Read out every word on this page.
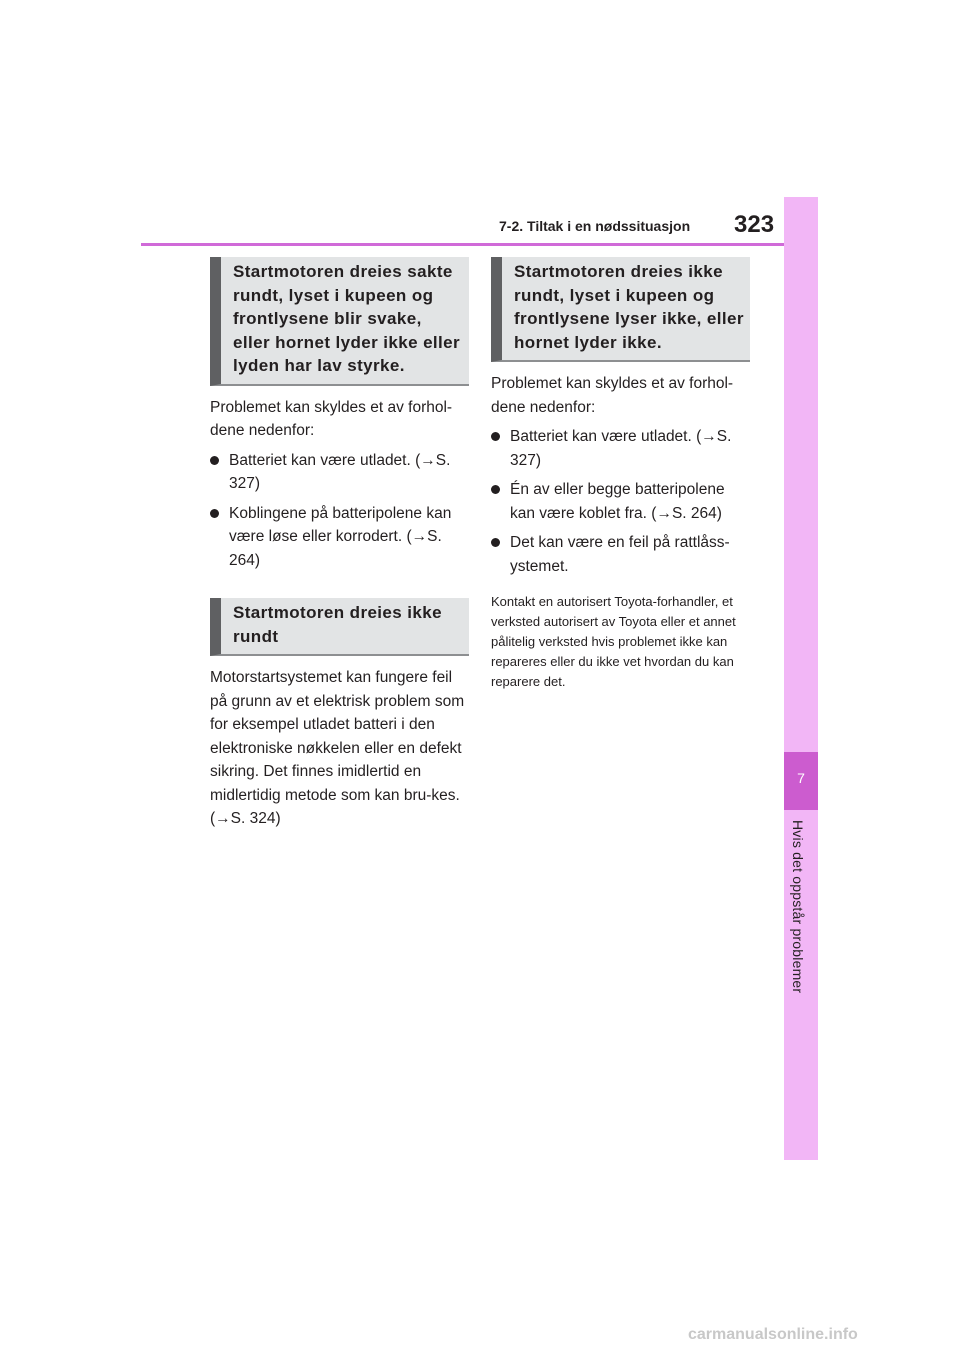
7-2. Tiltak i en nødssituasjon 323
7
Hvis det oppstår problemer
Startmotoren dreies sakte rundt, lyset i kupeen og frontlysene blir svake, eller hornet lyder ikke eller lyden har lav styrke.

Problemet kan skyldes et av forhol-dene nedenfor:

Batteriet kan være utladet. (→S. 327)
Koblingene på batteripolene kan være løse eller korrodert. (→S. 264)
Startmotoren dreies ikke rundt

Motorstartsystemet kan fungere feil på grunn av et elektrisk problem som for eksempel utladet batteri i den elektroniske nøkkelen eller en defekt sikring. Det finnes imidlertid en midlertidig metode som kan bru-kes. (→S. 324)

Startmotoren dreies ikke rundt, lyset i kupeen og frontlysene lyser ikke, eller hornet lyder ikke.

Problemet kan skyldes et av forhol-dene nedenfor:

Batteriet kan være utladet. (→S. 327)
Én av eller begge batteripolene kan være koblet fra. (→S. 264)
Det kan være en feil på rattlåss-ystemet.

Kontakt en autorisert Toyota-forhandler, et verksted autorisert av Toyota eller et annet pålitelig verksted hvis problemet ikke kan repareres eller du ikke vet hvordan du kan reparere det.

carmanualsonline.info
